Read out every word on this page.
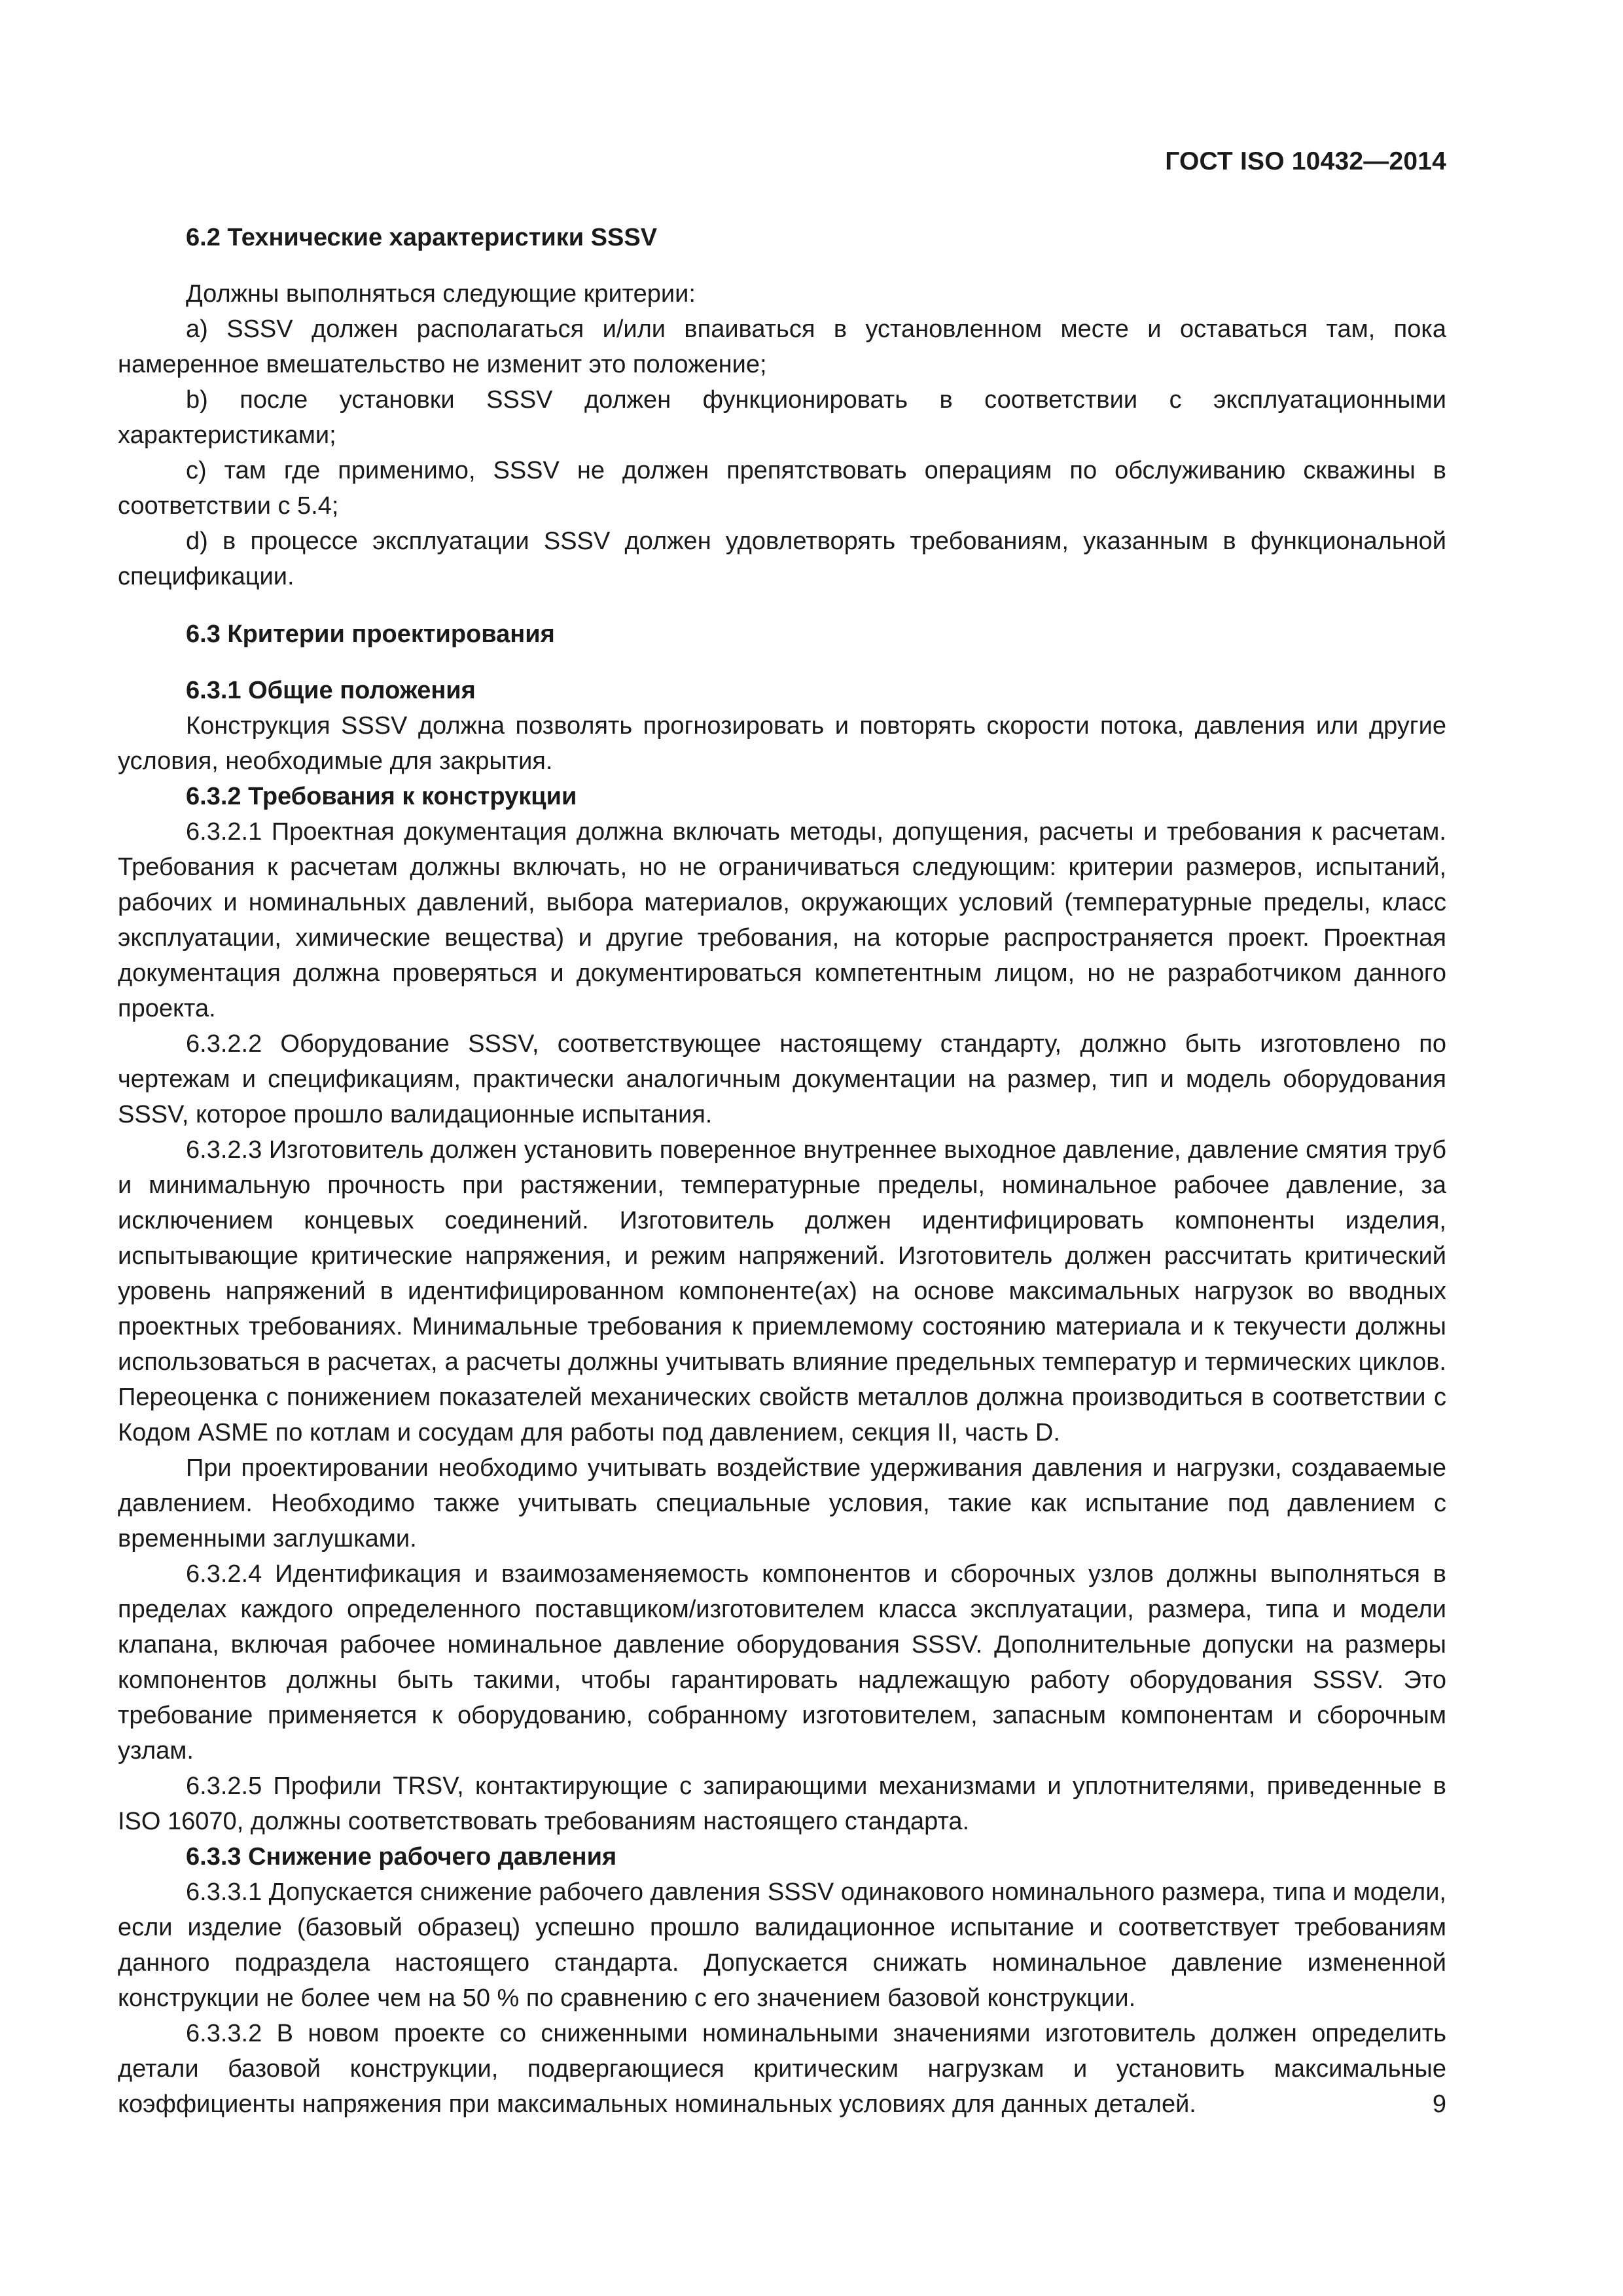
ГОСТ ISO 10432—2014
6.2 Технические характеристики SSSV
Должны выполняться следующие критерии:
a) SSSV должен располагаться и/или впаиваться в установленном месте и оставаться там, пока намеренное вмешательство не изменит это положение;
b) после установки SSSV должен функционировать в соответствии с эксплуатационными характеристиками;
c) там где применимо, SSSV не должен препятствовать операциям по обслуживанию скважины в соответствии с 5.4;
d) в процессе эксплуатации SSSV должен удовлетворять требованиям, указанным в функциональной спецификации.
6.3 Критерии проектирования
6.3.1 Общие положения
Конструкция SSSV должна позволять прогнозировать и повторять скорости потока, давления или другие условия, необходимые для закрытия.
6.3.2 Требования к конструкции
6.3.2.1 Проектная документация должна включать методы, допущения, расчеты и требования к расчетам. Требования к расчетам должны включать, но не ограничиваться следующим: критерии размеров, испытаний, рабочих и номинальных давлений, выбора материалов, окружающих условий (температурные пределы, класс эксплуатации, химические вещества) и другие требования, на которые распространяется проект. Проектная документация должна проверяться и документироваться компетентным лицом, но не разработчиком данного проекта.
6.3.2.2 Оборудование SSSV, соответствующее настоящему стандарту, должно быть изготовлено по чертежам и спецификациям, практически аналогичным документации на размер, тип и модель оборудования SSSV, которое прошло валидационные испытания.
6.3.2.3 Изготовитель должен установить поверенное внутреннее выходное давление, давление смятия труб и минимальную прочность при растяжении, температурные пределы, номинальное рабочее давление, за исключением концевых соединений. Изготовитель должен идентифицировать компоненты изделия, испытывающие критические напряжения, и режим напряжений. Изготовитель должен рассчитать критический уровень напряжений в идентифицированном компоненте(ах) на основе максимальных нагрузок во вводных проектных требованиях. Минимальные требования к приемлемому состоянию материала и к текучести должны использоваться в расчетах, а расчеты должны учитывать влияние предельных температур и термических циклов. Переоценка с понижением показателей механических свойств металлов должна производиться в соответствии с Кодом ASME по котлам и сосудам для работы под давлением, секция II, часть D.
При проектировании необходимо учитывать воздействие удерживания давления и нагрузки, создаваемые давлением. Необходимо также учитывать специальные условия, такие как испытание под давлением с временными заглушками.
6.3.2.4 Идентификация и взаимозаменяемость компонентов и сборочных узлов должны выполняться в пределах каждого определенного поставщиком/изготовителем класса эксплуатации, размера, типа и модели клапана, включая рабочее номинальное давление оборудования SSSV. Дополнительные допуски на размеры компонентов должны быть такими, чтобы гарантировать надлежащую работу оборудования SSSV. Это требование применяется к оборудованию, собранному изготовителем, запасным компонентам и сборочным узлам.
6.3.2.5 Профили TRSV, контактирующие с запирающими механизмами и уплотнителями, приведенные в ISO 16070, должны соответствовать требованиям настоящего стандарта.
6.3.3 Снижение рабочего давления
6.3.3.1 Допускается снижение рабочего давления SSSV одинакового номинального размера, типа и модели, если изделие (базовый образец) успешно прошло валидационное испытание и соответствует требованиям данного подраздела настоящего стандарта. Допускается снижать номинальное давление измененной конструкции не более чем на 50 % по сравнению с его значением базовой конструкции.
6.3.3.2 В новом проекте со сниженными номинальными значениями изготовитель должен определить детали базовой конструкции, подвергающиеся критическим нагрузкам и установить максимальные коэффициенты напряжения при максимальных номинальных условиях для данных деталей.	9
